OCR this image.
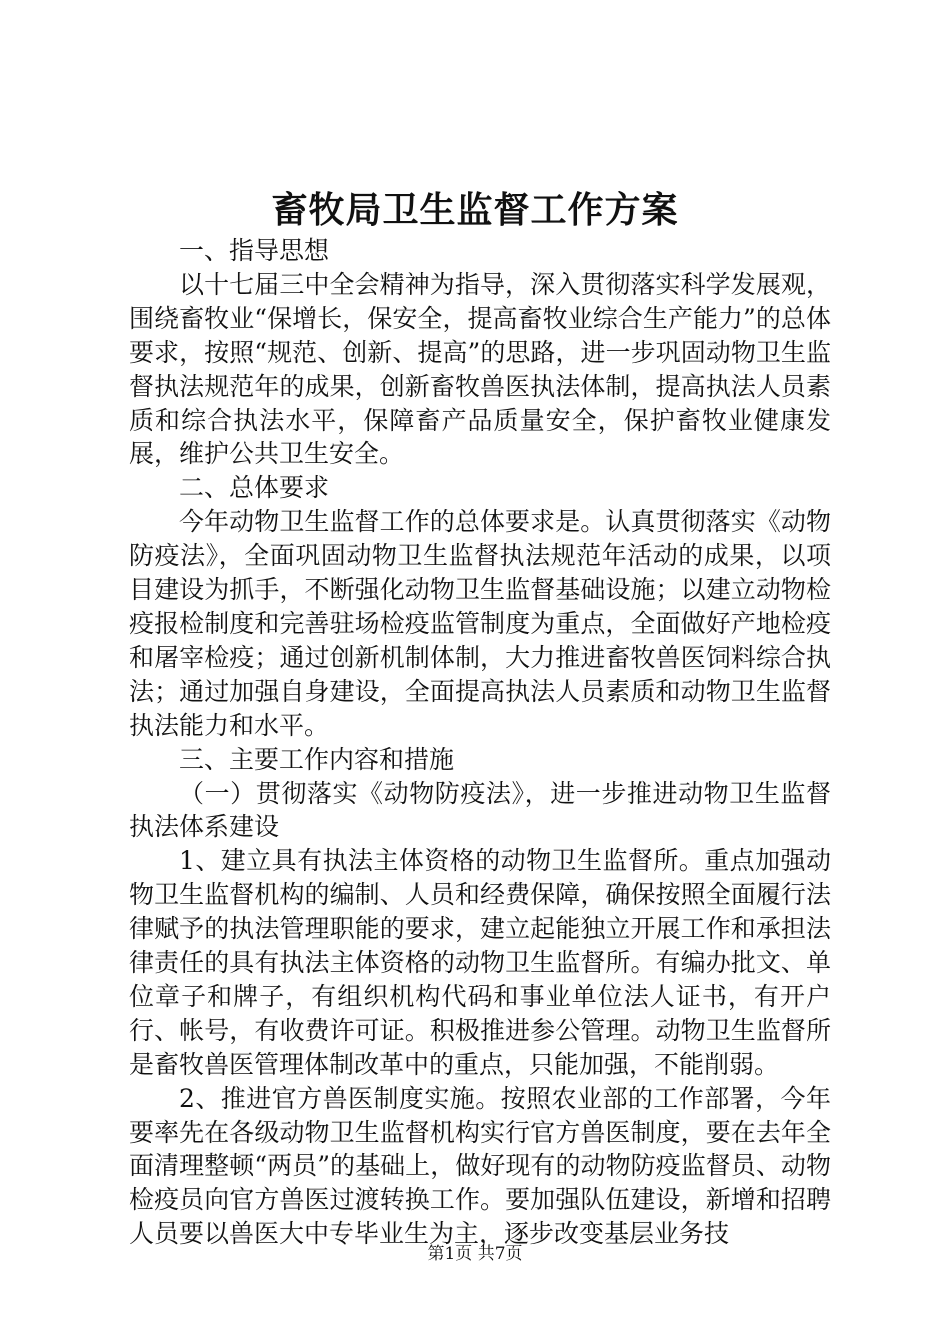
畜牧局卫生监督工作方案

一、指导思想

以十七届三中全会精神为指导，深入贯彻落实科学发展观，围绕畜牧业“保增长，保安全，提高畜牧业综合生产能力”的总体要求，按照“规范、创新、提高”的思路，进一步巩固动物卫生监督执法规范年的成果，创新畜牧兽医执法体制，提高执法人员素质和综合执法水平，保障畜产品质量安全，保护畜牧业健康发展，维护公共卫生安全。

二、总体要求

今年动物卫生监督工作的总体要求是。认真贯彻落实《动物防疫法》，全面巩固动物卫生监督执法规范年活动的成果，以项目建设为抓手，不断强化动物卫生监督基础设施；以建立动物检疫报检制度和完善驻场检疫监管制度为重点，全面做好产地检疫和屠宰检疫；通过创新机制体制，大力推进畜牧兽医饲料综合执法；通过加强自身建设，全面提高执法人员素质和动物卫生监督执法能力和水平。

三、主要工作内容和措施

（一）贯彻落实《动物防疫法》，进一步推进动物卫生监督执法体系建设

1、建立具有执法主体资格的动物卫生监督所。重点加强动物卫生监督机构的编制、人员和经费保障，确保按照全面履行法律赋予的执法管理职能的要求，建立起能独立开展工作和承担法律责任的具有执法主体资格的动物卫生监督所。有编办批文、单位章子和牌子，有组织机构代码和事业单位法人证书，有开户行、帐号，有收费许可证。积极推进参公管理。动物卫生监督所是畜牧兽医管理体制改革中的重点，只能加强，不能削弱。

2、推进官方兽医制度实施。按照农业部的工作部署，今年要率先在各级动物卫生监督机构实行官方兽医制度，要在去年全面清理整顿“两员”的基础上，做好现有的动物防疫监督员、动物检疫员向官方兽医过渡转换工作。要加强队伍建设，新增和招聘人员要以兽医大中专毕业生为主，逐步改变基层业务技

第1页 共7页
